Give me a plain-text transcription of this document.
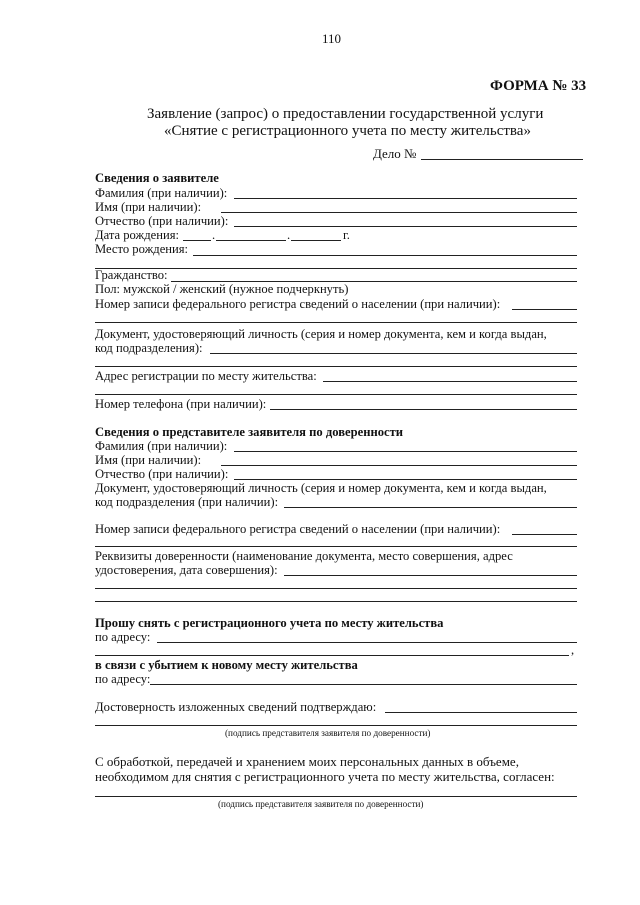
110
ФОРМА № 33
Заявление (запрос) о предоставлении государственной услуги
«Снятие с регистрационного учета по месту жительства»
Дело №
Сведения о заявителе
Фамилия (при наличии):
Имя (при наличии):
Отчество (при наличии):
Дата рождения:	.	.	г.
Место рождения:
Гражданство:
Пол: мужской / женский (нужное подчеркнуть)
Номер записи федерального регистра сведений о населении (при наличии):
Документ, удостоверяющий личность (серия и номер документа, кем и когда выдан,
код подразделения):
Адрес регистрации по месту жительства:
Номер телефона (при наличии):
Сведения о представителе заявителя по доверенности
Фамилия (при наличии):
Имя (при наличии):
Отчество (при наличии):
Документ, удостоверяющий личность (серия и номер документа, кем и когда выдан,
код подразделения (при наличии):
Номер записи федерального регистра сведений о населении (при наличии):
Реквизиты доверенности (наименование документа, место совершения, адрес
удостоверения, дата совершения):
Прошу снять с регистрационного учета по месту жительства
по адресу:
,
в связи с убытием к новому месту жительства
по адресу:
Достоверность изложенных сведений подтверждаю:
(подпись представителя заявителя по доверенности)
С обработкой, передачей и хранением моих персональных данных в объеме,
необходимом для снятия с регистрационного учета по месту жительства, согласен:
(подпись представителя заявителя по доверенности)
